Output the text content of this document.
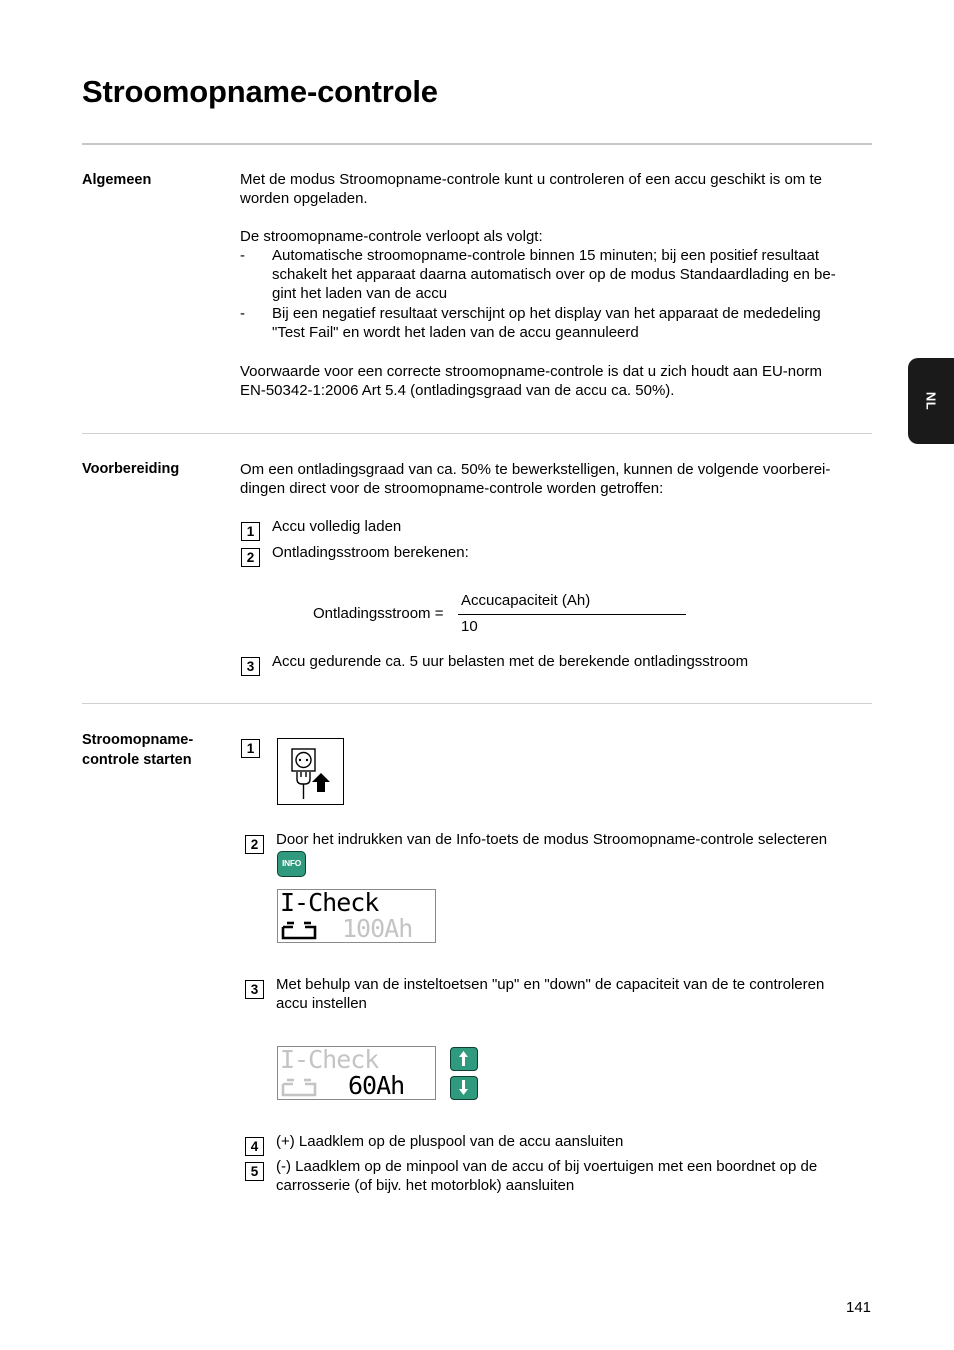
Stroomopname-controle
NL
Algemeen	Met de modus Stroomopname-controle kunt u controleren of een accu geschikt is om te
worden opgeladen.
De stroomopname-controle verloopt als volgt:
- Automatische stroomopname-controle binnen 15 minuten; bij een positief resultaat
schakelt het apparaat daarna automatisch over op de modus Standaardlading en be-
gint het laden van de accu
- Bij een negatief resultaat verschijnt op het display van het apparaat de mededeling
"Test Fail" en wordt het laden van de accu geannuleerd
Voorwaarde voor een correcte stroomopname-controle is dat u zich houdt aan EU-norm
EN-50342-1:2006 Art 5.4 (ontladingsgraad van de accu ca. 50%).
Voorbereiding	Om een ontladingsgraad van ca. 50% te bewerkstelligen, kunnen de volgende voorberei-
dingen direct voor de stroomopname-controle worden getroffen:
1	Accu volledig laden
2	Ontladingsstroom berekenen:
Ontladingsstroom =
Accucapaciteit (Ah)
10
3	Accu gedurende ca. 5 uur belasten met de berekende ontladingsstroom
Stroomopname-
controle starten
1
2	Door het indrukken van de Info-toets de modus Stroomopname-controle selecteren
INFO
I-Check
100Ah
3	Met behulp van de insteltoetsen "up" en "down" de capaciteit van de te controleren
accu instellen
I-Check
60Ah
4	(+) Laadklem op de pluspool van de accu aansluiten
5	(-) Laadklem op de minpool van de accu of bij voertuigen met een boordnet op de
carrosserie (of bijv. het motorblok) aansluiten
141
